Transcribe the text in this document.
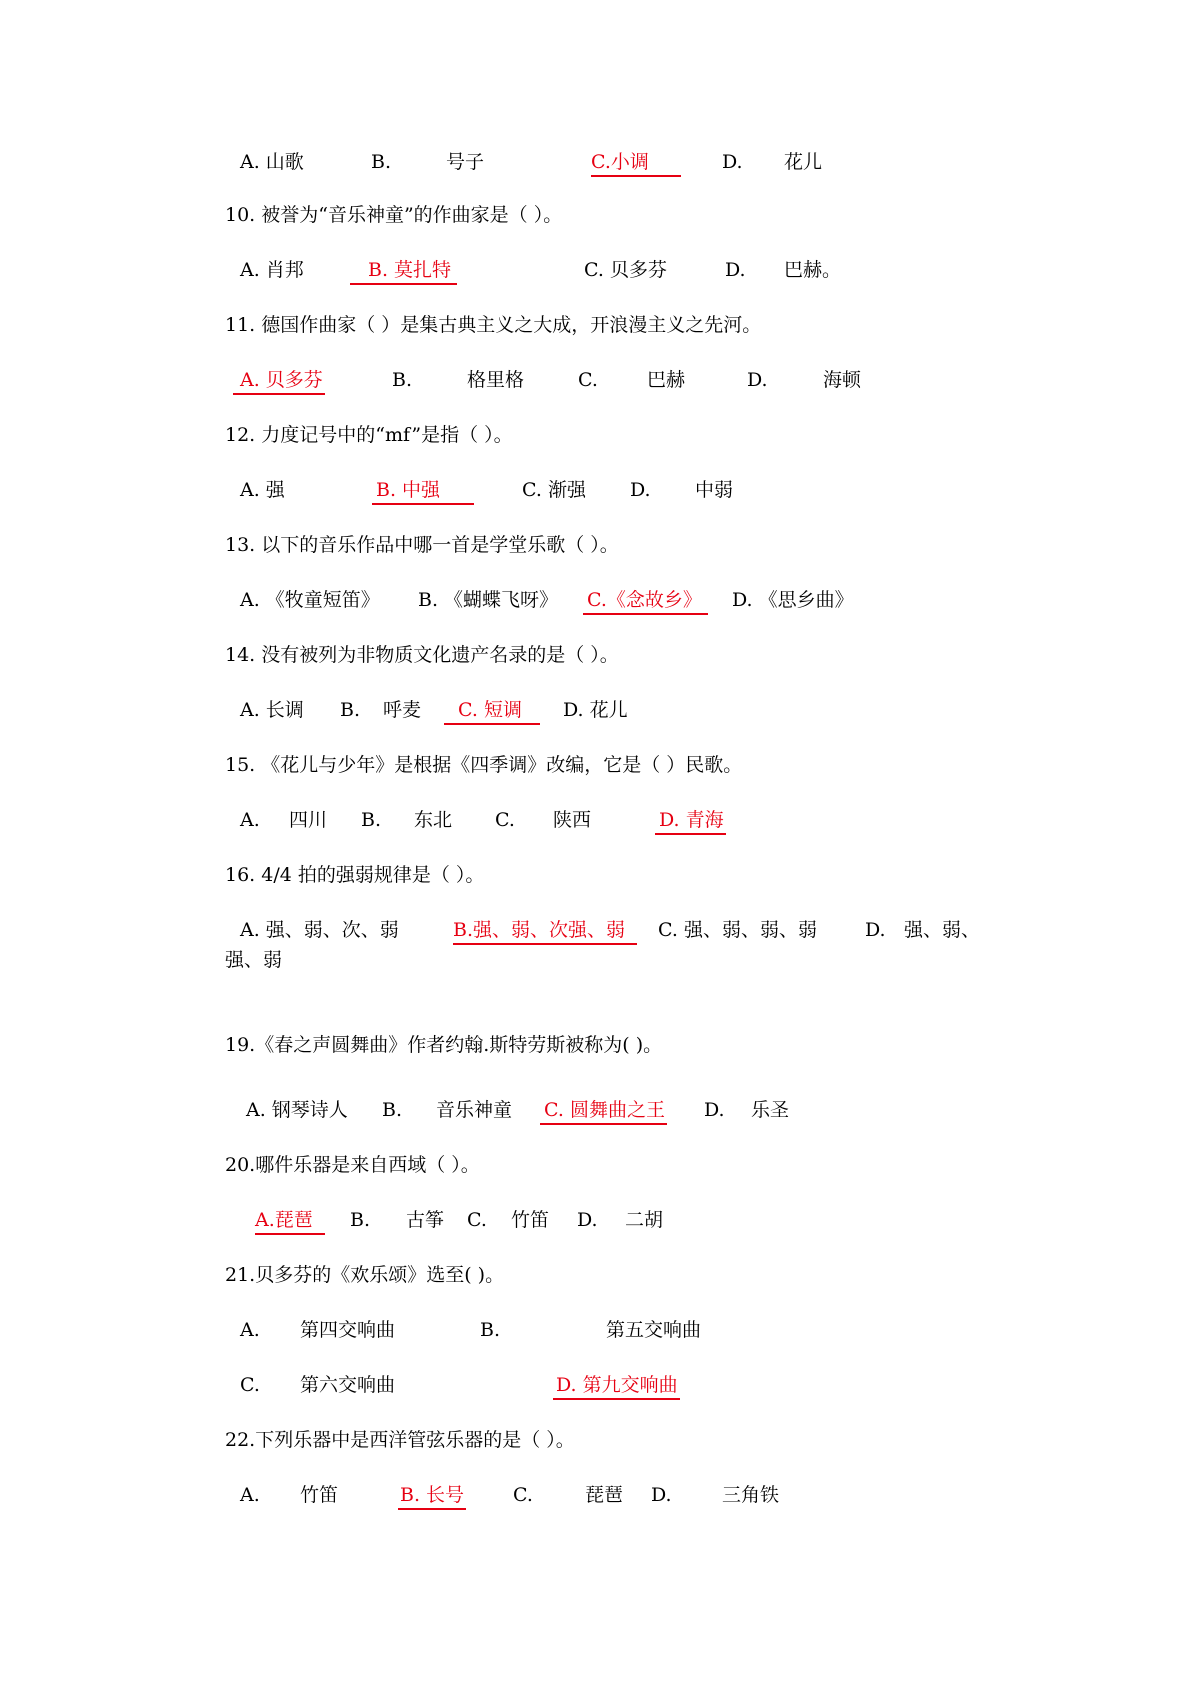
A. 山歌	B.	号子	C.小调	D. 花儿
10. 被誉为“音乐神童”的作曲家是（ ）。
A. 肖邦	B. 莫扎特	C. 贝多芬	D. 巴赫。
11. 德国作曲家（ ）是集古典主义之大成，开浪漫主义之先河。
A. 贝多芬	B.	格里格	C.	巴赫	D.	海顿
12. 力度记号中的“mf”是指（ ）。
A. 强	B. 中强	C. 渐强 D. 中弱
13. 以下的音乐作品中哪一首是学堂乐歌（ ）。
A. 《牧童短笛》 B. 《蝴蝶飞呀》 C.《念故乡》	D. 《思乡曲》
14. 没有被列为非物质文化遗产名录的是（ ）。
A. 长调 B. 呼麦	C. 短调	D. 花儿
15. 《花儿与少年》是根据《四季调》改编，它是（ ）民歌。
A. 四川 B. 东北 C. 陕西	D. 青海
16. 4/4 拍的强弱规律是（ ）。
A. 强、弱、次、弱	B.强、弱、次强、弱	C. 强、弱、弱、弱	D. 强、弱、
强、弱
19.《春之声圆舞曲》作者约翰.斯特劳斯被称为( )。
A. 钢琴诗人 B. 音乐神童 C. 圆舞曲之王 D. 乐圣
20.哪件乐器是来自西域（ ）。
A.琵琶	B. 古筝 C. 竹笛 D. 二胡
21.贝多芬的《欢乐颂》选至( )。
A. 第四交响曲	B.	第五交响曲
C. 第六交响曲	D. 第九交响曲
22.下列乐器中是西洋管弦乐器的是（ ）。
A. 竹笛	B. 长号	C.	琵琶 D.	三角铁
